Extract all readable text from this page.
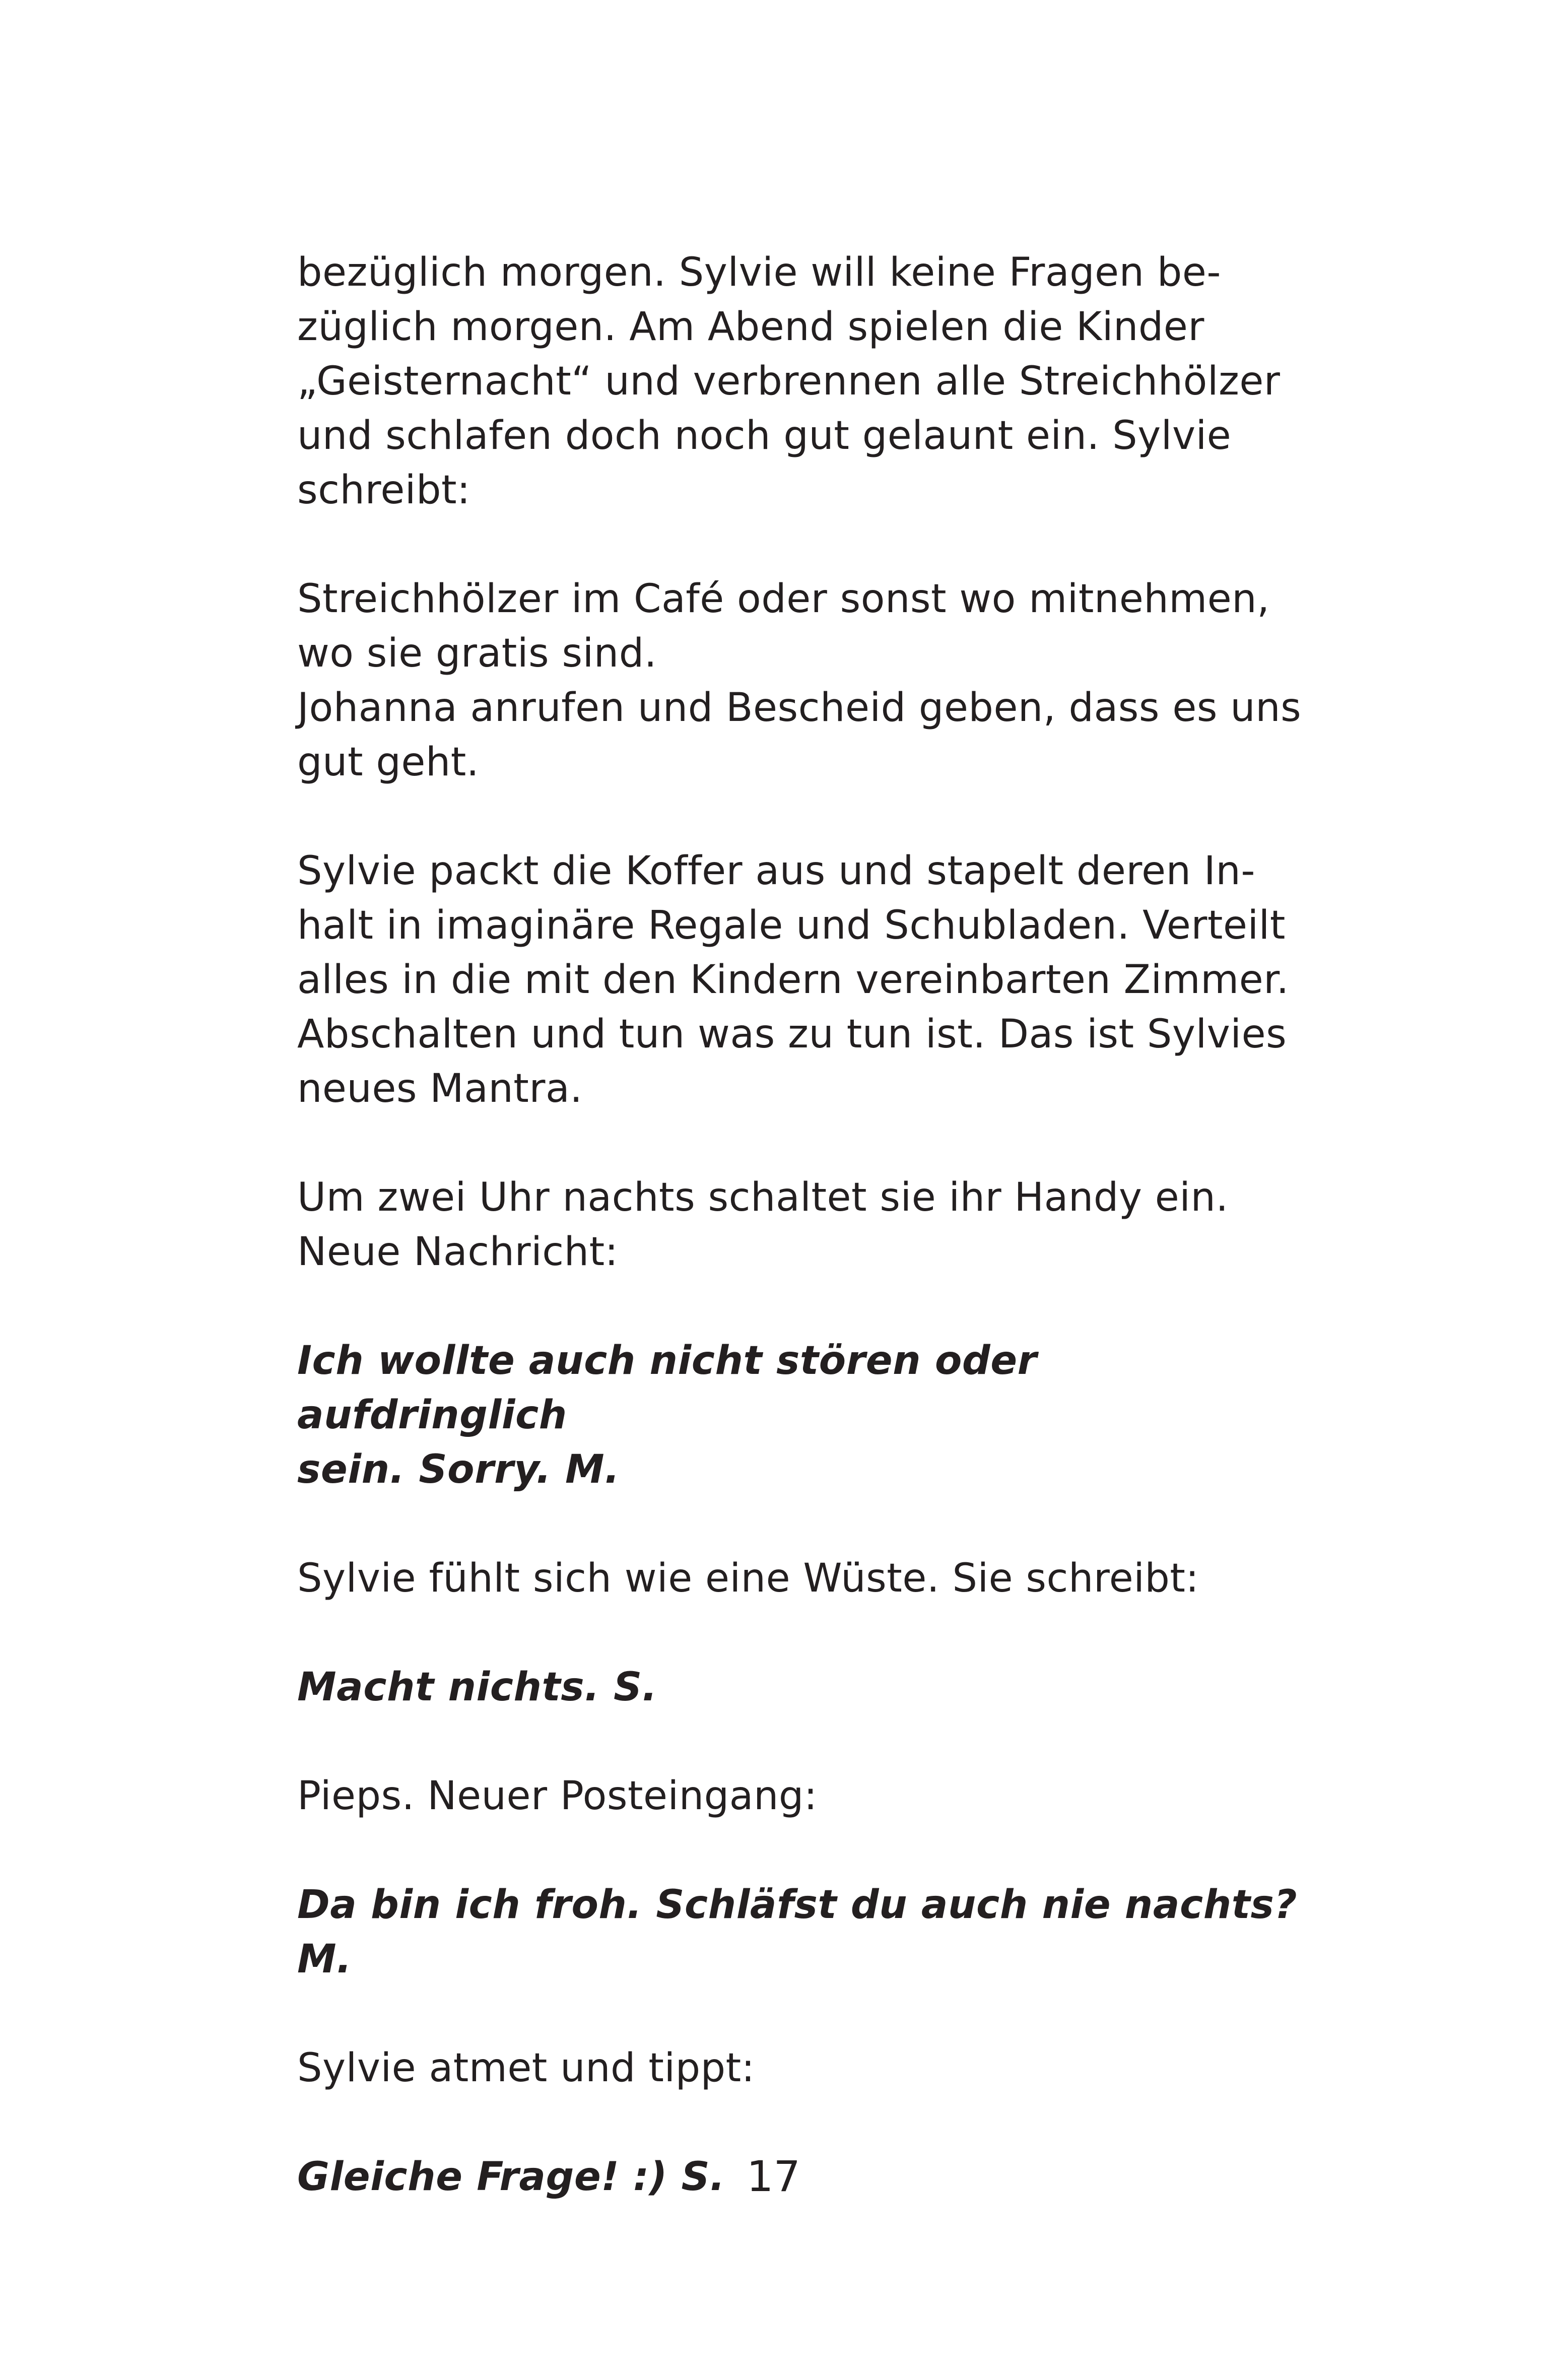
bezüglich morgen. Sylvie will keine Fragen be-
züglich morgen. Am Abend spielen die Kinder
„Geisternacht“ und verbrennen alle Streichhölzer
und schlafen doch noch gut gelaunt ein. Sylvie
schreibt:

Streichhölzer im Café oder sonst wo mitnehmen,
wo sie gratis sind.
Johanna anrufen und Bescheid geben, dass es uns
gut geht.

Sylvie packt die Koffer aus und stapelt deren In-
halt in imaginäre Regale und Schubladen. Verteilt
alles in die mit den Kindern vereinbarten Zimmer.
Abschalten und tun was zu tun ist. Das ist Sylvies
neues Mantra.

Um zwei Uhr nachts schaltet sie ihr Handy ein.
Neue Nachricht:

Ich wollte auch nicht stören oder aufdringlich
sein. Sorry. M.

Sylvie fühlt sich wie eine Wüste. Sie schreibt:

Macht nichts. S.

Pieps. Neuer Posteingang:

Da bin ich froh. Schläfst du auch nie nachts? M.

Sylvie atmet und tippt:

Gleiche Frage! :) S. 17
